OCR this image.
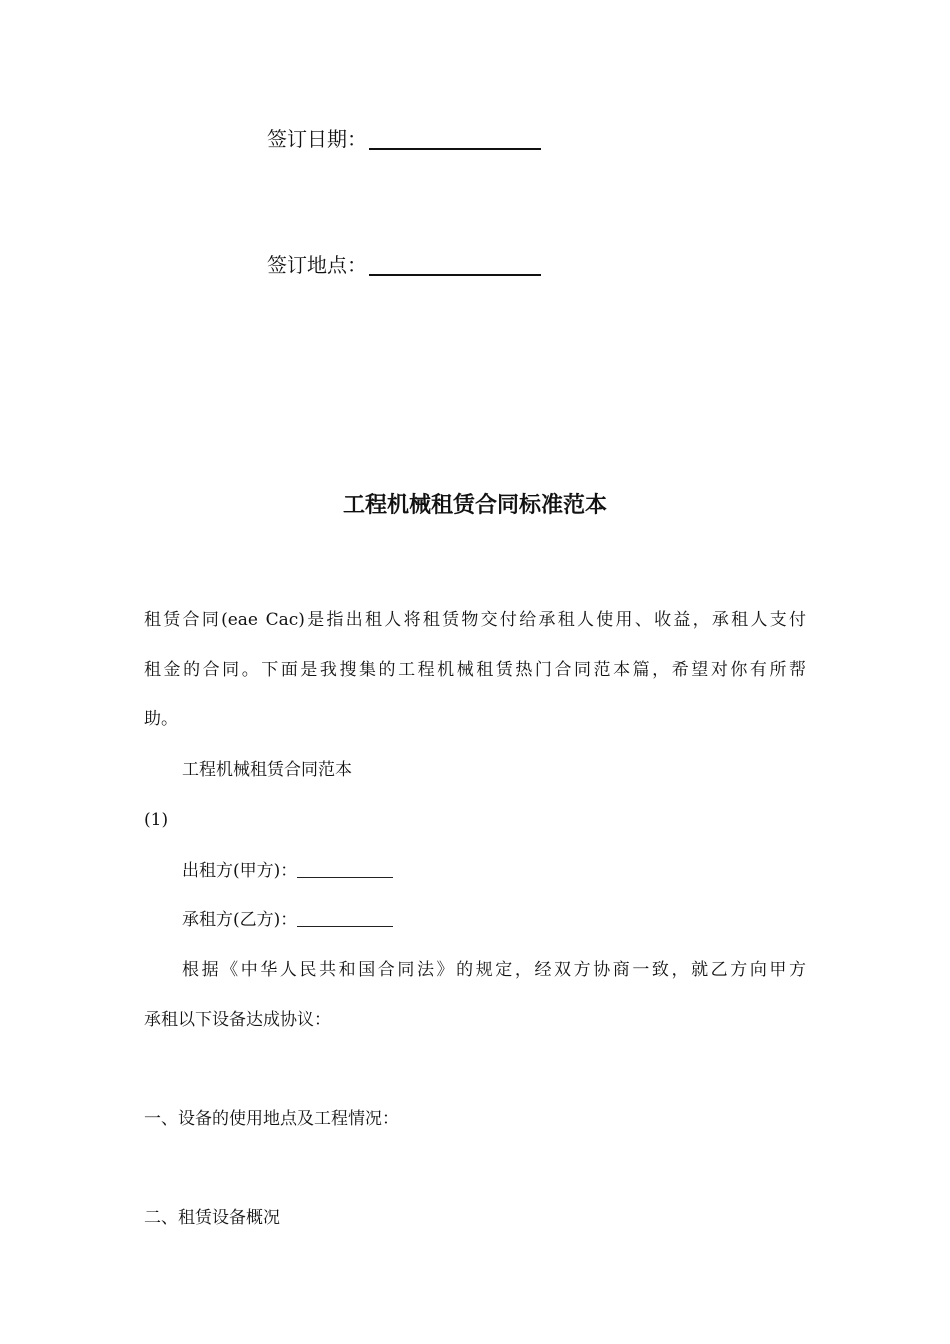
签订日期：
签订地点：
工程机械租赁合同标准范本
租赁合同(eae Cac)是指出租人将租赁物交付给承租人使用、收益，承租人支付
租金的合同。下面是我搜集的工程机械租赁热门合同范本篇，希望对你有所帮
助。
工程机械租赁合同范本
(1)
出租方(甲方)：
承租方(乙方)：
根据《中华人民共和国合同法》的规定，经双方协商一致，就乙方向甲方
承租以下设备达成协议：
一、设备的使用地点及工程情况：
二、租赁设备概况
